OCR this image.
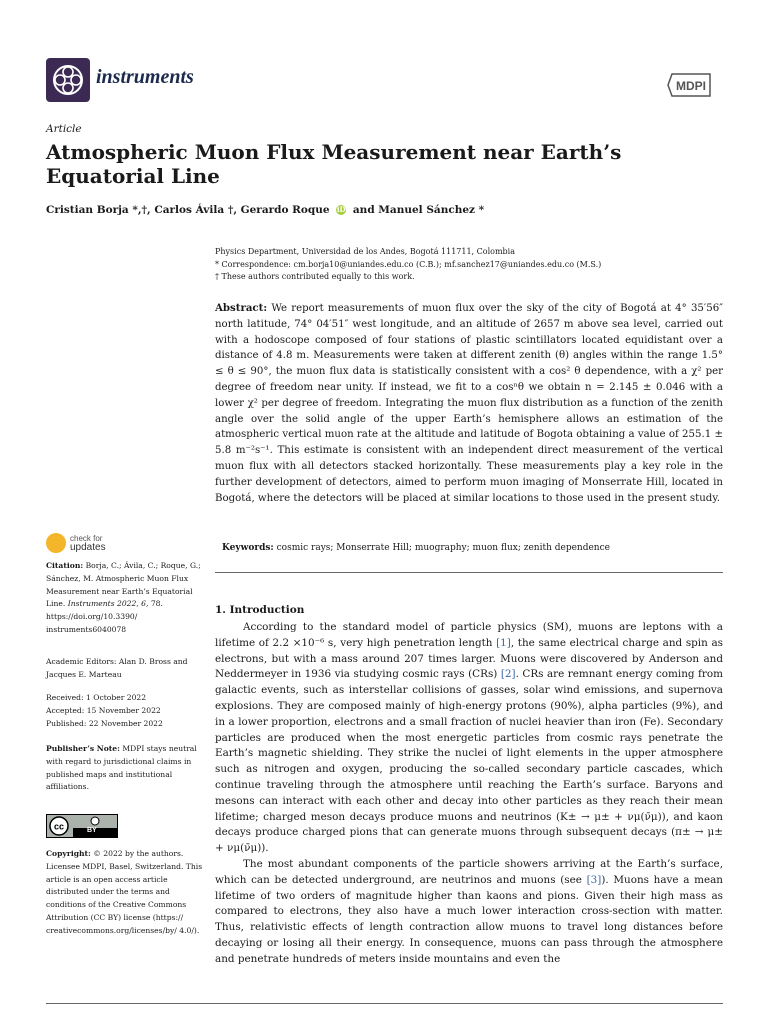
instruments	MDPI
Article
Atmospheric Muon Flux Measurement near Earth’s Equatorial Line
Cristian Borja *,†, Carlos Ávila †, Gerardo Roque iD and Manuel Sánchez *
Physics Department, Universidad de los Andes, Bogotá 111711, Colombia
* Correspondence: cm.borja10@uniandes.edu.co (C.B.); mf.sanchez17@uniandes.edu.co (M.S.)
† These authors contributed equally to this work.
Abstract: We report measurements of muon flux over the sky of the city of Bogotá at 4° 35′56″ north latitude, 74° 04′51″ west longitude, and an altitude of 2657 m above sea level, carried out with a hodoscope composed of four stations of plastic scintillators located equidistant over a distance of 4.8 m. Measurements were taken at different zenith (θ) angles within the range 1.5° ≤ θ ≤ 90°, the muon flux data is statistically consistent with a cos² θ dependence, with a χ² per degree of freedom near unity. If instead, we fit to a cosⁿθ we obtain n = 2.145 ± 0.046 with a lower χ² per degree of freedom. Integrating the muon flux distribution as a function of the zenith angle over the solid angle of the upper Earth’s hemisphere allows an estimation of the atmospheric vertical muon rate at the altitude and latitude of Bogota obtaining a value of 255.1 ± 5.8 m⁻²s⁻¹. This estimate is consistent with an independent direct measurement of the vertical muon flux with all detectors stacked horizontally. These measurements play a key role in the further development of detectors, aimed to perform muon imaging of Monserrate Hill, located in Bogotá, where the detectors will be placed at similar locations to those used in the present study.
Keywords: cosmic rays; Monserrate Hill; muography; muon flux; zenith dependence
check for
updates
Citation: Borja, C.; Ávila, C.; Roque, G.; Sánchez, M. Atmospheric Muon Flux Measurement near Earth’s Equatorial Line. Instruments 2022, 6, 78. https://doi.org/10.3390/ instruments6040078
Academic Editors: Alan D. Bross and Jacques E. Marteau
Received: 1 October 2022
Accepted: 15 November 2022
Published: 22 November 2022
Publisher’s Note: MDPI stays neutral with regard to jurisdictional claims in published maps and institutional affiliations.
cc	BY
Copyright: © 2022 by the authors. Licensee MDPI, Basel, Switzerland. This article is an open access article distributed under the terms and conditions of the Creative Commons Attribution (CC BY) license (https:// creativecommons.org/licenses/by/ 4.0/).
1. Introduction

According to the standard model of particle physics (SM), muons are leptons with a lifetime of 2.2 ×10⁻⁶ s, very high penetration length [1], the same electrical charge and spin as electrons, but with a mass around 207 times larger. Muons were discovered by Anderson and Neddermeyer in 1936 via studying cosmic rays (CRs) [2]. CRs are remnant energy coming from galactic events, such as interstellar collisions of gasses, solar wind emissions, and supernova explosions. They are composed mainly of high-energy protons (90%), alpha particles (9%), and in a lower proportion, electrons and a small fraction of nuclei heavier than iron (Fe). Secondary particles are produced when the most energetic particles from cosmic rays penetrate the Earth’s magnetic shielding. They strike the nuclei of light elements in the upper atmosphere such as nitrogen and oxygen, producing the so-called secondary particle cascades, which continue traveling through the atmosphere until reaching the Earth’s surface. Baryons and mesons can interact with each other and decay into other particles as they reach their mean lifetime; charged meson decays produce muons and neutrinos (K± → μ± + νμ(ν̄μ)), and kaon decays produce charged pions that can generate muons through subsequent decays (π± → μ± + νμ(ν̄μ)).

The most abundant components of the particle showers arriving at the Earth’s surface, which can be detected underground, are neutrinos and muons (see [3]). Muons have a mean lifetime of two orders of magnitude higher than kaons and pions. Given their high mass as compared to electrons, they also have a much lower interaction cross-section with matter. Thus, relativistic effects of length contraction allow muons to travel long distances before decaying or losing all their energy. In consequence, muons can pass through the atmosphere and penetrate hundreds of meters inside mountains and even the
